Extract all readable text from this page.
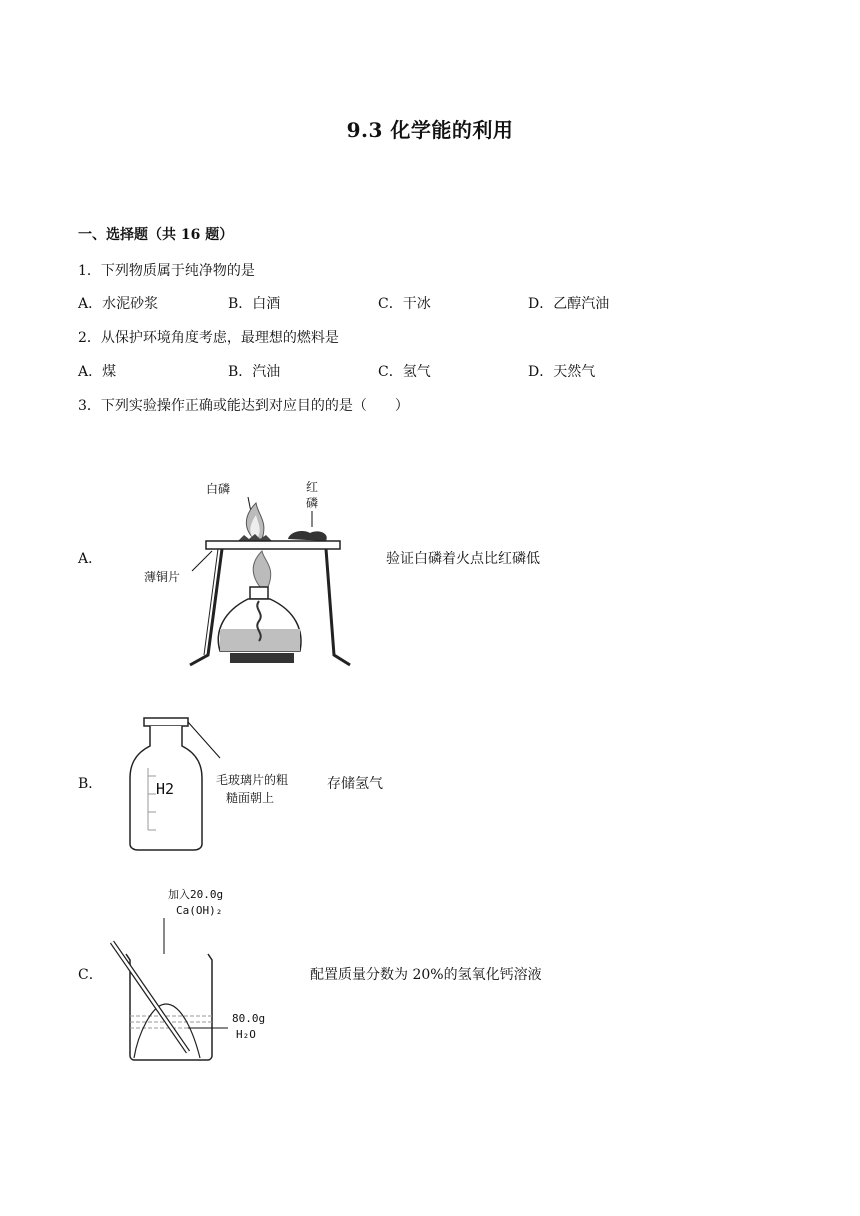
9.3 化学能的利用
一、选择题（共 16 题）
1．下列物质属于纯净物的是
A．水泥砂浆	B．白酒	C．干冰	D．乙醇汽油
2．从保护环境角度考虑，最理想的燃料是
A．煤	B．汽油	C．氢气	D．天然气
3．下列实验操作正确或能达到对应目的的是（　　）
A．
白磷	红
磷
薄铜片
验证白磷着火点比红磷低
B．	H2	毛玻璃片的粗
糙面朝上
存储氢气
C．
加入20.0g
Ca(OH)₂
80.0g
H₂O
配置质量分数为 20%的氢氧化钙溶液
